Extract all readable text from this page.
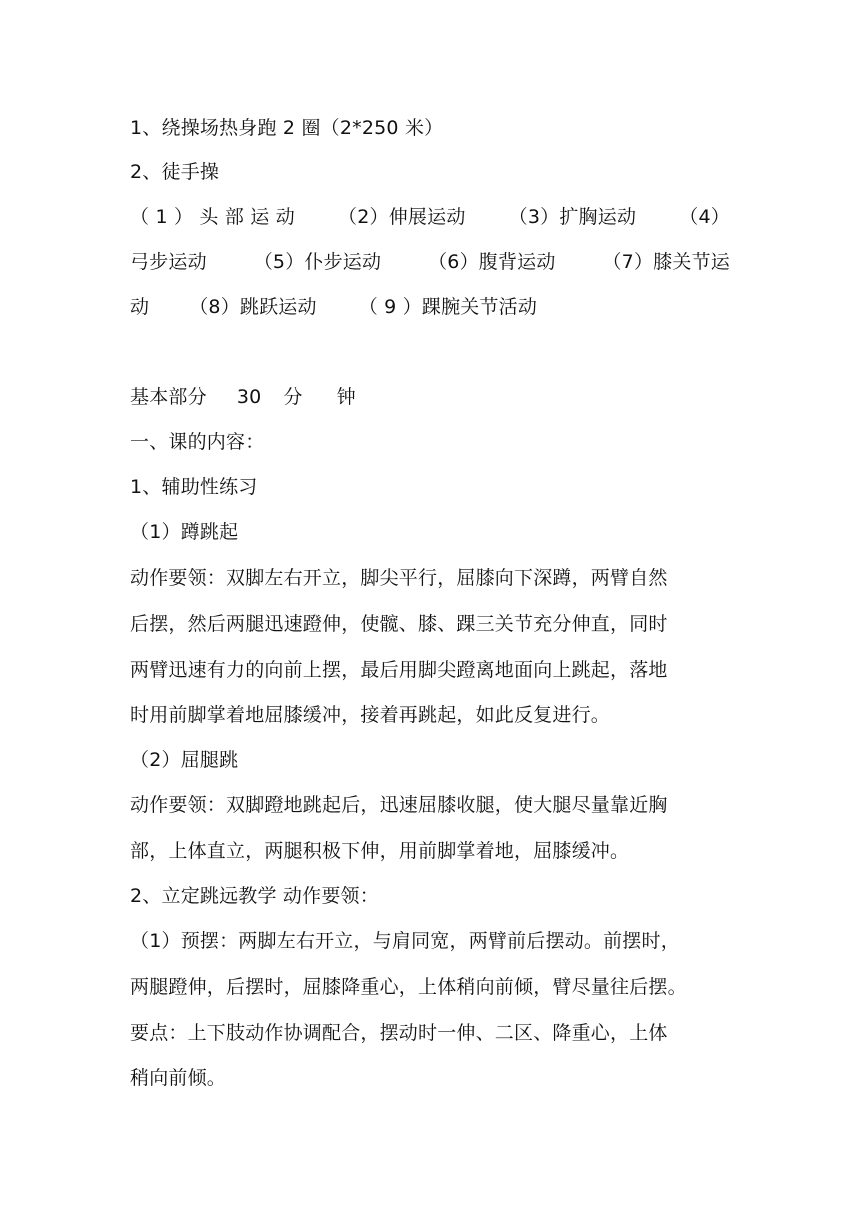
1、绕操场热身跑 2 圈（2*250 米）
2、徒手操
（ 1 ） 头 部 运 动 （2）伸展运动 （3）扩胸运动 （4）
弓步运动 （5）仆步运动 （6）腹背运动 （7）膝关节运
动 （8）跳跃运动 （ 9 ）踝腕关节活动
基本部分 30 分 钟
一、课的内容：
1、辅助性练习
（1）蹲跳起
动作要领：双脚左右开立，脚尖平行，屈膝向下深蹲，两臂自然
后摆，然后两腿迅速蹬伸，使髋、膝、踝三关节充分伸直，同时
两臂迅速有力的向前上摆，最后用脚尖蹬离地面向上跳起，落地
时用前脚掌着地屈膝缓冲，接着再跳起，如此反复进行。
（2）屈腿跳
动作要领：双脚蹬地跳起后，迅速屈膝收腿，使大腿尽量靠近胸
部，上体直立，两腿积极下伸，用前脚掌着地，屈膝缓冲。
2、立定跳远教学 动作要领：
（1）预摆：两脚左右开立，与肩同宽，两臂前后摆动。前摆时，
两腿蹬伸，后摆时，屈膝降重心，上体稍向前倾，臂尽量往后摆。
要点：上下肢动作协调配合，摆动时一伸、二区、降重心，上体
稍向前倾。
